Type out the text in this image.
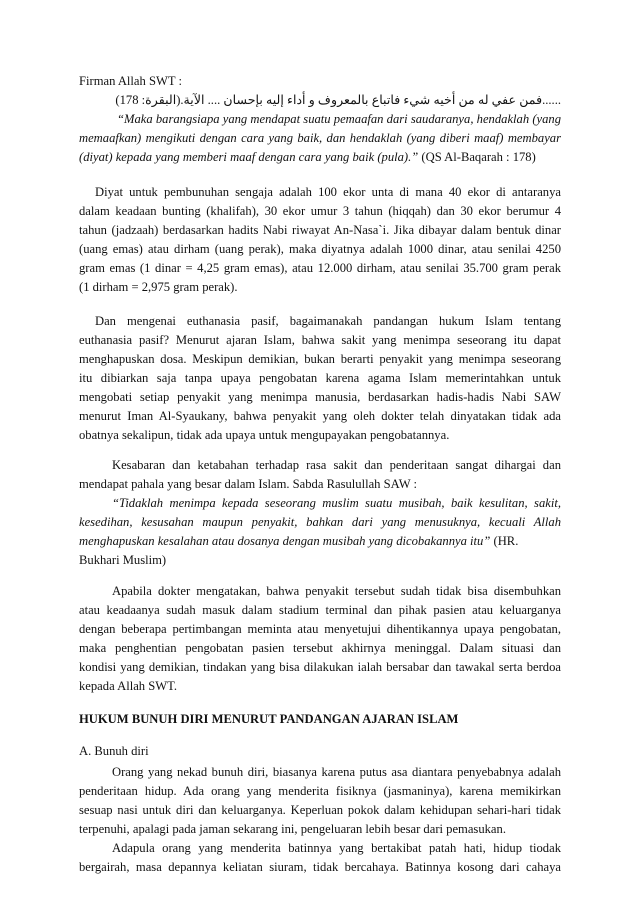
Firman Allah SWT :
......فمن عفي له من أخيه شيء فاتباع بالمعروف و أداء إليه بإحسان .... الآية.(البقرة: 178)
“Maka barangsiapa yang mendapat suatu pemaafan dari saudaranya, hendaklah (yang
memaafkan) mengikuti dengan cara yang baik, dan hendaklah (yang diberi maaf) membayar
(diyat) kepada yang memberi maaf dengan cara yang baik (pula).” (QS Al-Baqarah : 178)
Diyat untuk pembunuhan sengaja adalah 100 ekor unta di mana 40 ekor di antaranya
dalam keadaan bunting (khalifah), 30 ekor umur 3 tahun (hiqqah) dan 30 ekor berumur 4
tahun (jadzaah) berdasarkan hadits Nabi riwayat An-Nasa`i. Jika dibayar dalam bentuk dinar
(uang emas) atau dirham (uang perak), maka diyatnya adalah 1000 dinar, atau senilai 4250
gram emas (1 dinar = 4,25 gram emas), atau 12.000 dirham, atau senilai 35.700 gram perak
(1 dirham = 2,975 gram perak).
Dan mengenai euthanasia pasif, bagaimanakah pandangan hukum Islam tentang
euthanasia pasif? Menurut ajaran Islam, bahwa sakit yang menimpa seseorang itu dapat
menghapuskan dosa. Meskipun demikian, bukan berarti penyakit yang menimpa seseorang
itu dibiarkan saja tanpa upaya pengobatan karena agama Islam memerintahkan untuk
mengobati setiap penyakit yang menimpa manusia, berdasarkan hadis-hadis Nabi SAW
menurut Iman Al-Syaukany, bahwa penyakit yang oleh dokter telah dinyatakan tidak ada
obatnya sekalipun, tidak ada upaya untuk mengupayakan pengobatannya.
Kesabaran dan ketabahan terhadap rasa sakit dan penderitaan sangat dihargai dan
mendapat pahala yang besar dalam Islam. Sabda Rasulullah SAW :
“Tidaklah menimpa kepada seseorang muslim suatu musibah, baik kesulitan, sakit,
kesedihan, kesusahan maupun penyakit, bahkan dari yang menusuknya, kecuali Allah
menghapuskan kesalahan atau dosanya dengan musibah yang dicobakannya itu” (HR.
Bukhari Muslim)
Apabila dokter mengatakan, bahwa penyakit tersebut sudah tidak bisa disembuhkan
atau keadaanya sudah masuk dalam stadium terminal dan pihak pasien atau keluarganya
dengan beberapa pertimbangan meminta atau menyetujui dihentikannya upaya pengobatan,
maka penghentian pengobatan pasien tersebut akhirnya meninggal. Dalam situasi dan
kondisi yang demikian, tindakan yang bisa dilakukan ialah bersabar dan tawakal serta berdoa
kepada Allah SWT.
HUKUM BUNUH DIRI MENURUT PANDANGAN AJARAN ISLAM
A. Bunuh diri
Orang yang nekad bunuh diri, biasanya karena putus asa diantara penyebabnya adalah
penderitaan hidup. Ada orang yang menderita fisiknya (jasmaninya), karena memikirkan
sesuap nasi untuk diri dan keluarganya. Keperluan pokok dalam kehidupan sehari-hari tidak
terpenuhi, apalagi pada jaman sekarang ini, pengeluaran lebih besar dari pemasukan.
Adapula orang yang menderita batinnya yang bertakibat patah hati, hidup tiodak
bergairah, masa depannya keliatan siuram, tidak bercahaya. Batinnya kosong dari cahaya
